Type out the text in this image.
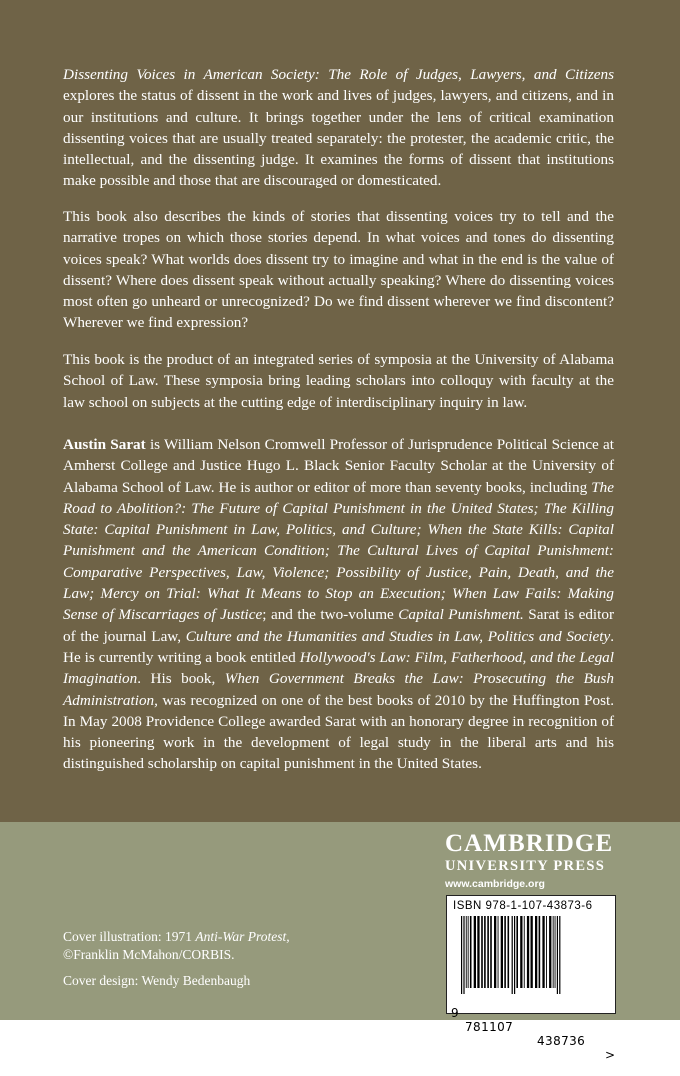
Dissenting Voices in American Society: The Role of Judges, Lawyers, and Citizens explores the status of dissent in the work and lives of judges, lawyers, and citizens, and in our institutions and culture. It brings together under the lens of critical examination dissenting voices that are usually treated separately: the protester, the academic critic, the intellectual, and the dissenting judge. It examines the forms of dissent that institutions make possible and those that are discouraged or domesticated.

This book also describes the kinds of stories that dissenting voices try to tell and the narrative tropes on which those stories depend. In what voices and tones do dissenting voices speak? What worlds does dissent try to imagine and what in the end is the value of dissent? Where does dissent speak without actually speaking? Where do dissenting voices most often go unheard or unrecognized? Do we find dissent wherever we find discontent? Wherever we find expression?

This book is the product of an integrated series of symposia at the University of Alabama School of Law. These symposia bring leading scholars into colloquy with faculty at the law school on subjects at the cutting edge of interdisciplinary inquiry in law.

Austin Sarat is William Nelson Cromwell Professor of Jurisprudence Political Science at Amherst College and Justice Hugo L. Black Senior Faculty Scholar at the University of Alabama School of Law. He is author or editor of more than seventy books, including The Road to Abolition?: The Future of Capital Punishment in the United States; The Killing State: Capital Punishment in Law, Politics, and Culture; When the State Kills: Capital Punishment and the American Condition; The Cultural Lives of Capital Punishment: Comparative Perspectives, Law, Violence; Possibility of Justice, Pain, Death, and the Law; Mercy on Trial: What It Means to Stop an Execution; When Law Fails: Making Sense of Miscarriages of Justice; and the two-volume Capital Punishment. Sarat is editor of the journal Law, Culture and the Humanities and Studies in Law, Politics and Society. He is currently writing a book entitled Hollywood's Law: Film, Fatherhood, and the Legal Imagination. His book, When Government Breaks the Law: Prosecuting the Bush Administration, was recognized on one of the best books of 2010 by the Huffington Post. In May 2008 Providence College awarded Sarat with an honorary degree in recognition of his pioneering work in the development of legal study in the liberal arts and his distinguished scholarship on capital punishment in the United States.

CAMBRIDGE
UNIVERSITY PRESS
www.cambridge.org
ISBN 978-1-107-43873-6

9

781107

438736

>

Cover illustration: 1971 Anti-War Protest,
©Franklin McMahon/CORBIS.

Cover design: Wendy Bedenbaugh
